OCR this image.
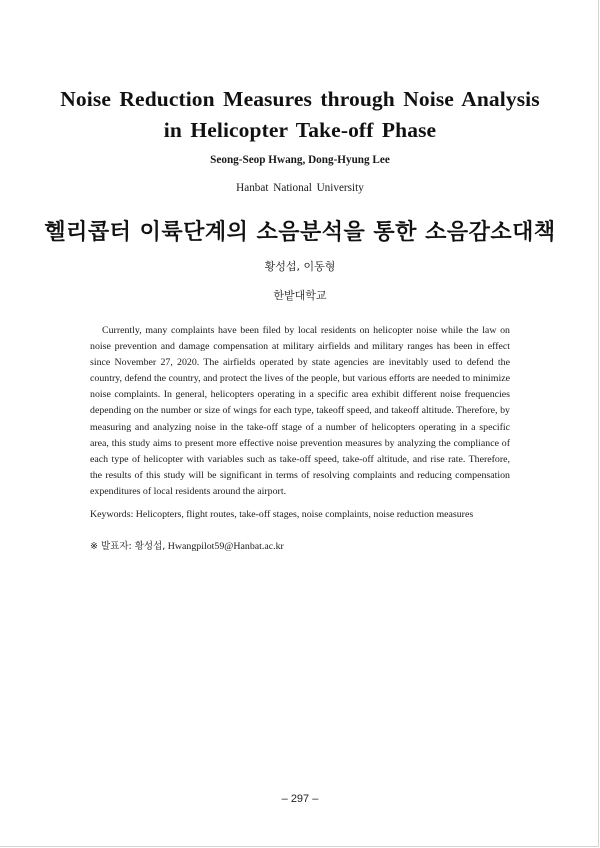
Noise Reduction Measures through Noise Analysis
in Helicopter Take-off Phase

Seong-Seop Hwang, Dong-Hyung Lee

Hanbat National University

헬리콥터 이륙단계의 소음분석을 통한 소음감소대책

황성섭, 이동형

한밭대학교

Currently, many complaints have been filed by local residents on helicopter noise while the law on noise prevention and damage compensation at military airfields and military ranges has been in effect since November 27, 2020. The airfields operated by state agencies are inevitably used to defend the country, defend the country, and protect the lives of the people, but various efforts are needed to minimize noise complaints. In general, helicopters operating in a specific area exhibit different noise frequencies depending on the number or size of wings for each type, takeoff speed, and takeoff altitude. Therefore, by measuring and analyzing noise in the take-off stage of a number of helicopters operating in a specific area, this study aims to present more effective noise prevention measures by analyzing the compliance of each type of helicopter with variables such as take-off speed, take-off altitude, and rise rate. Therefore, the results of this study will be significant in terms of resolving complaints and reducing compensation expenditures of local residents around the airport.

Keywords: Helicopters, flight routes, take-off stages, noise complaints, noise reduction measures

※ 발표자: 황성섭, Hwangpilot59@Hanbat.ac.kr

– 297 –
